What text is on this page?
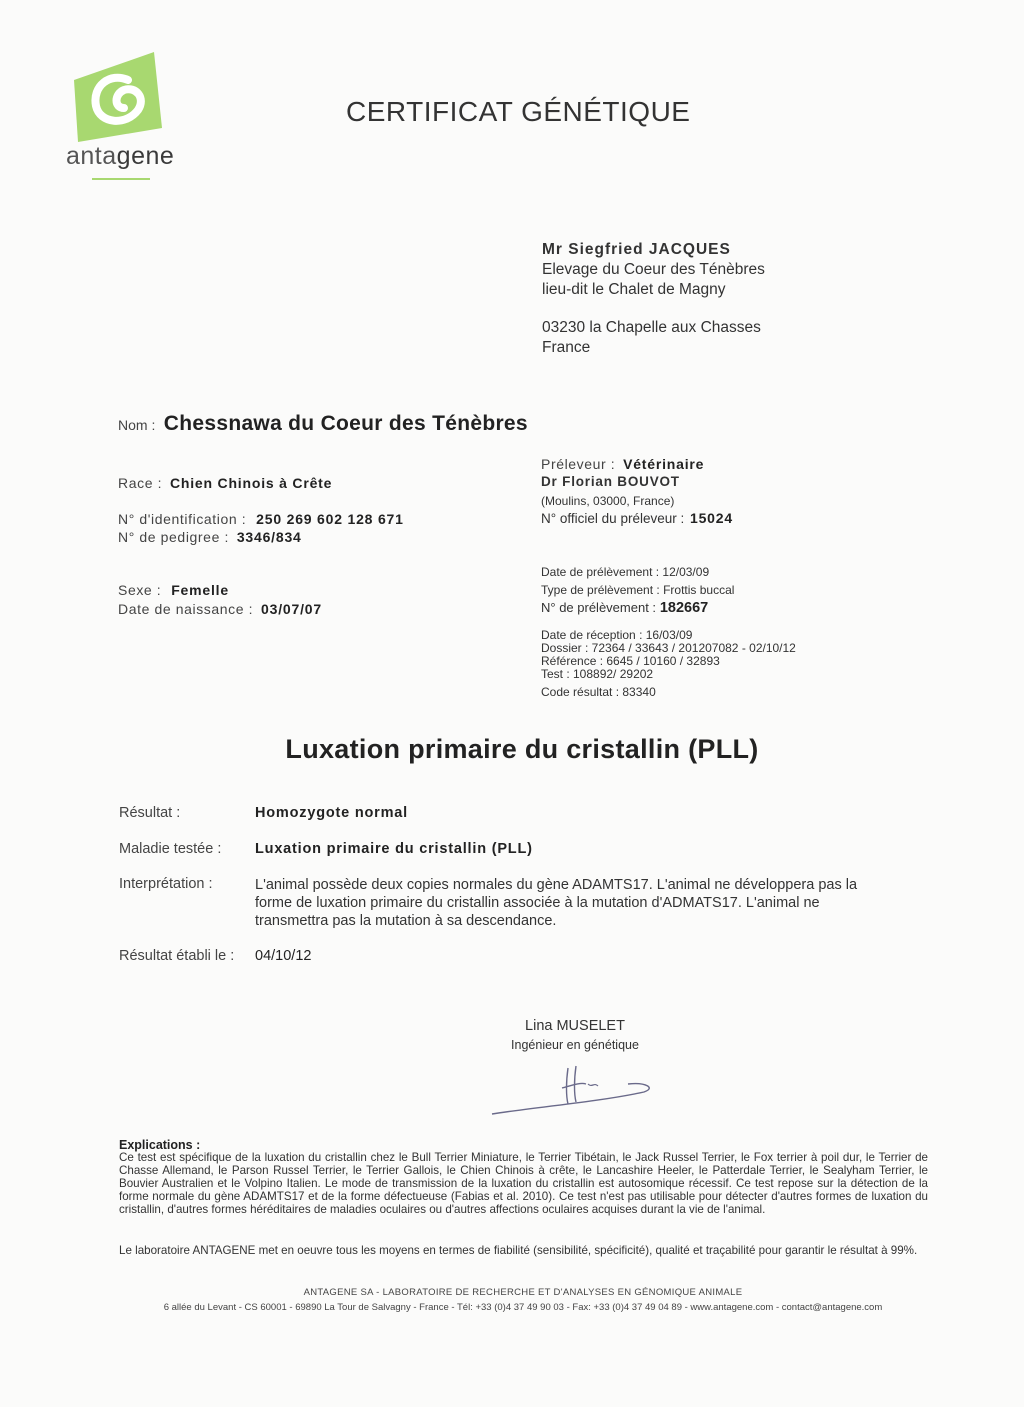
antagene
CERTIFICAT GÉNÉTIQUE
Mr Siegfried JACQUES
Elevage du Coeur des Ténèbres
lieu-dit le Chalet de Magny
03230 la Chapelle aux Chasses
France
Nom : Chessnawa du Coeur des Ténèbres
Race : Chien Chinois à Crête
N° d'identification : 250 269 602 128 671
N° de pedigree : 3346/834
Sexe : Femelle
Date de naissance : 03/07/07
Préleveur : Vétérinaire
Dr Florian BOUVOT
(Moulins, 03000, France)
N° officiel du préleveur : 15024
Date de prélèvement : 12/03/09
Type de prélèvement : Frottis buccal
N° de prélèvement : 182667
Date de réception : 16/03/09
Dossier : 72364 / 33643 / 201207082 - 02/10/12
Référence : 6645 / 10160 / 32893
Test : 108892/ 29202
Code résultat : 83340
Luxation primaire du cristallin (PLL)
Résultat :	Homozygote normal
Maladie testée : Luxation primaire du cristallin (PLL)
Interprétation :	L'animal possède deux copies normales du gène ADAMTS17. L'animal ne développera pas la forme de luxation primaire du cristallin associée à la mutation d'ADMATS17. L'animal ne transmettra pas la mutation à sa descendance.
Résultat établi le : 04/10/12
Lina MUSELET
Ingénieur en génétique
Explications :
Ce test est spécifique de la luxation du cristallin chez le Bull Terrier Miniature, le Terrier Tibétain, le Jack Russel Terrier, le Fox terrier à poil dur, le Terrier de Chasse Allemand, le Parson Russel Terrier, le Terrier Gallois, le Chien Chinois à crête, le Lancashire Heeler, le Patterdale Terrier, le Sealyham Terrier, le Bouvier Australien et le Volpino Italien. Le mode de transmission de la luxation du cristallin est autosomique récessif. Ce test repose sur la détection de la forme normale du gène ADAMTS17 et de la forme défectueuse (Fabias et al. 2010). Ce test n'est pas utilisable pour détecter d'autres formes de luxation du cristallin, d'autres formes héréditaires de maladies oculaires ou d'autres affections oculaires acquises durant la vie de l'animal.
Le laboratoire ANTAGENE met en oeuvre tous les moyens en termes de fiabilité (sensibilité, spécificité), qualité et traçabilité pour garantir le résultat à 99%.
ANTAGENE SA - LABORATOIRE DE RECHERCHE ET D'ANALYSES EN GÉNOMIQUE ANIMALE
6 allée du Levant - CS 60001 - 69890 La Tour de Salvagny - France - Tél: +33 (0)4 37 49 90 03 - Fax: +33 (0)4 37 49 04 89 - www.antagene.com - contact@antagene.com
